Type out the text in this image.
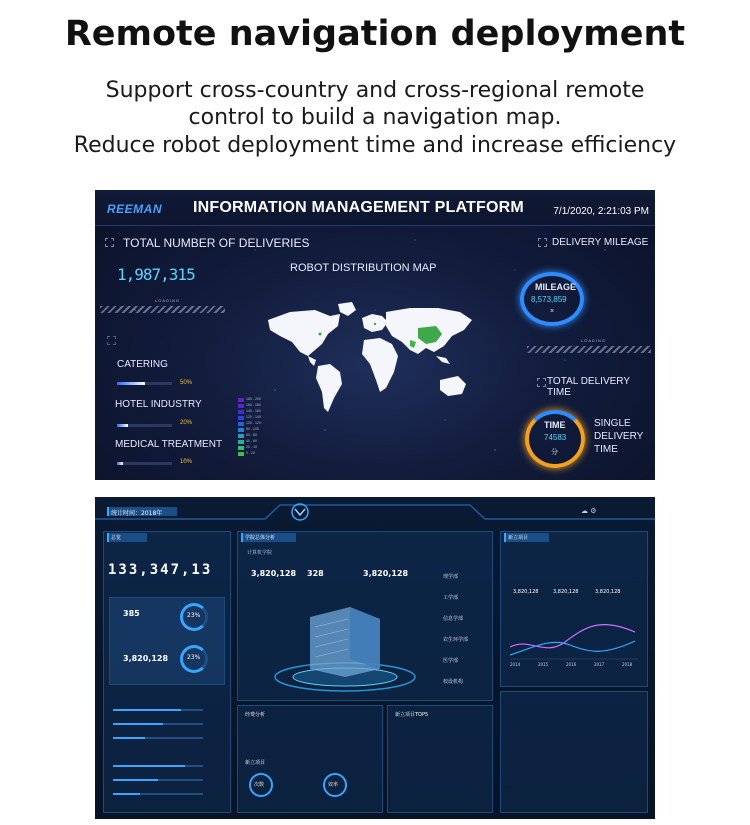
Remote navigation deployment
Support cross-country and cross-regional remote
control to build a navigation map.
Reduce robot deployment time and increase efficiency
REEMAN INFORMATION MANAGEMENT PLATFORM	7/1/2020, 2:21:03 PM
TOTAL NUMBER OF DELIVERIES
1,987,315
LOADING
CATERING
50%
HOTEL INDUSTRY
20%
MEDICAL TREATMENT
10%
ROBOT DISTRIBUTION MAP
180 - 200
160 - 180
140 - 160
120 - 140
100 - 120
80 - 100
60 - 80
40 - 60
20 - 40
0 - 20
DELIVERY MILEAGE
MILEAGE
8,573,859
×
LOADING
TOTAL DELIVERY TIME
TIME
74583
分
SINGLE
DELIVERY
TIME
统计时间：2018年	☁ ⚙
总览
133,347,13
385	23%
3,820,128	23%
学院总体分析
计算机学院
3,820,128 328	3,820,128	理学部
工学部
信息学部
农生环学部
医学部
校设机构
新立项目
3,820,128	3,820,128	3,820,128
2014	2015	2016	2017	2018
经费分析	新立项目TOP5
新立项目
次数	效率
